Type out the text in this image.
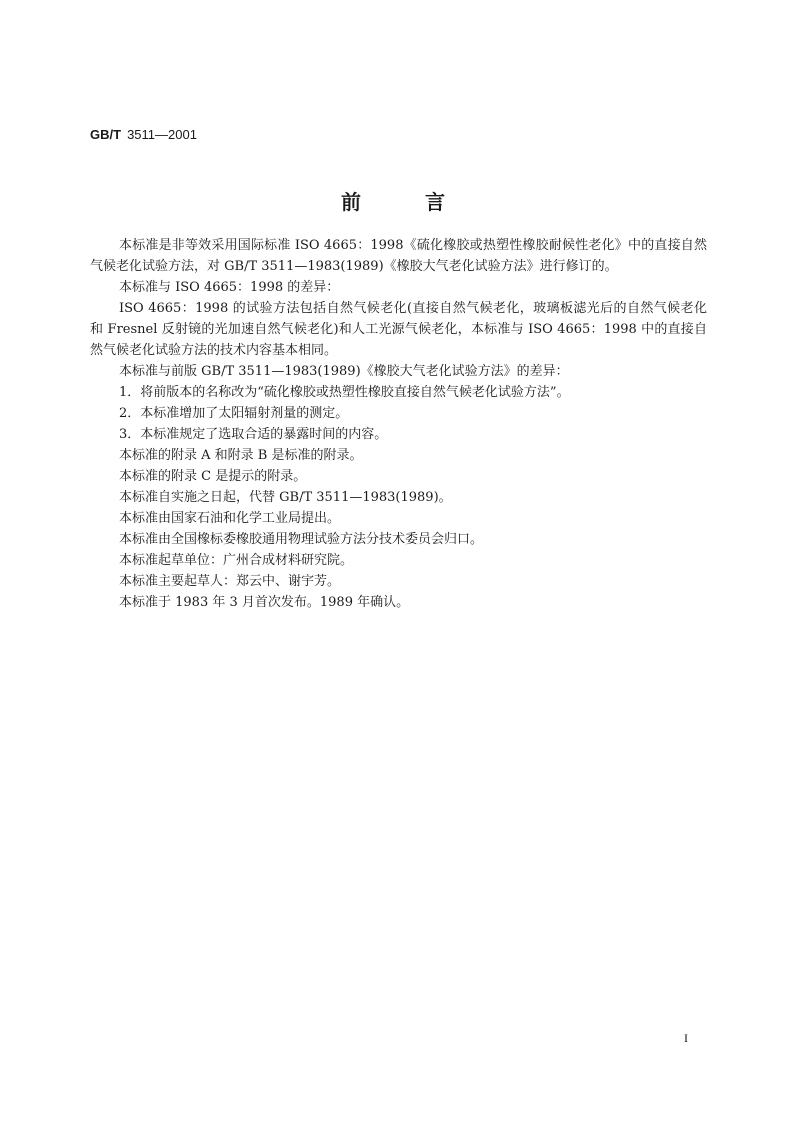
GB/T 3511—2001
前　　言
本标准是非等效采用国际标准 ISO 4665：1998《硫化橡胶或热塑性橡胶耐候性老化》中的直接自然
气候老化试验方法，对 GB/T 3511—1983(1989)《橡胶大气老化试验方法》进行修订的。
本标准与 ISO 4665：1998 的差异：
ISO 4665：1998 的试验方法包括自然气候老化(直接自然气候老化，玻璃板滤光后的自然气候老化
和 Fresnel 反射镜的光加速自然气候老化)和人工光源气候老化，本标准与 ISO 4665：1998 中的直接自
然气候老化试验方法的技术内容基本相同。
本标准与前版 GB/T 3511—1983(1989)《橡胶大气老化试验方法》的差异：
1．将前版本的名称改为“硫化橡胶或热塑性橡胶直接自然气候老化试验方法”。
2．本标准增加了太阳辐射剂量的测定。
3．本标准规定了选取合适的暴露时间的内容。
本标准的附录 A 和附录 B 是标准的附录。
本标准的附录 C 是提示的附录。
本标准自实施之日起，代替 GB/T 3511—1983(1989)。
本标准由国家石油和化学工业局提出。
本标准由全国橡标委橡胶通用物理试验方法分技术委员会归口。
本标准起草单位：广州合成材料研究院。
本标准主要起草人：郑云中、谢宇芳。
本标准于 1983 年 3 月首次发布。1989 年确认。
I
